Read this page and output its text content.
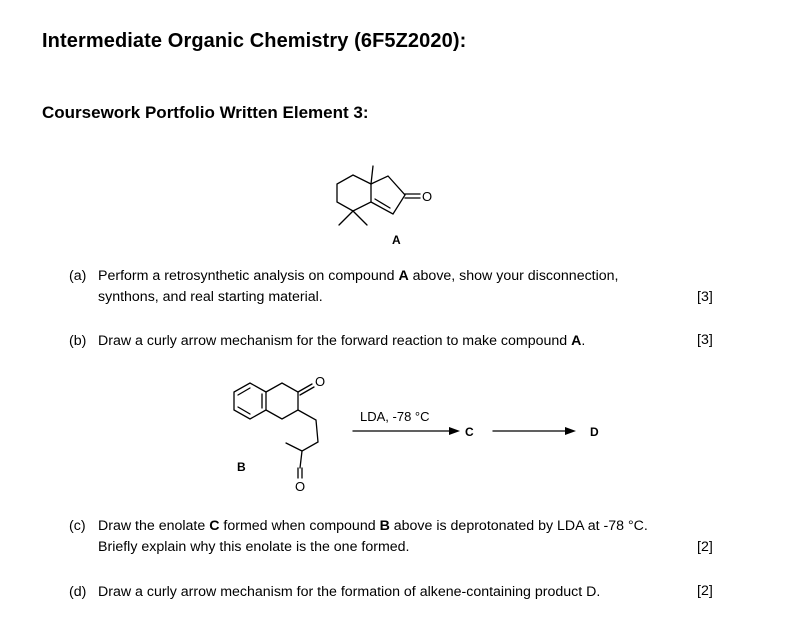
Intermediate Organic Chemistry (6F5Z2020):
Coursework Portfolio Written Element 3:
O
A
(a) Perform a retrosynthetic analysis on compound A above, show your disconnection,
synthons, and real starting material.	[3]
(b) Draw a curly arrow mechanism for the forward reaction to make compound A.	[3]
O
O
B
LDA, -78 °C
C	D
(c) Draw the enolate C formed when compound B above is deprotonated by LDA at -78 °C.
Briefly explain why this enolate is the one formed.	[2]
(d) Draw a curly arrow mechanism for the formation of alkene-containing product D.	[2]
